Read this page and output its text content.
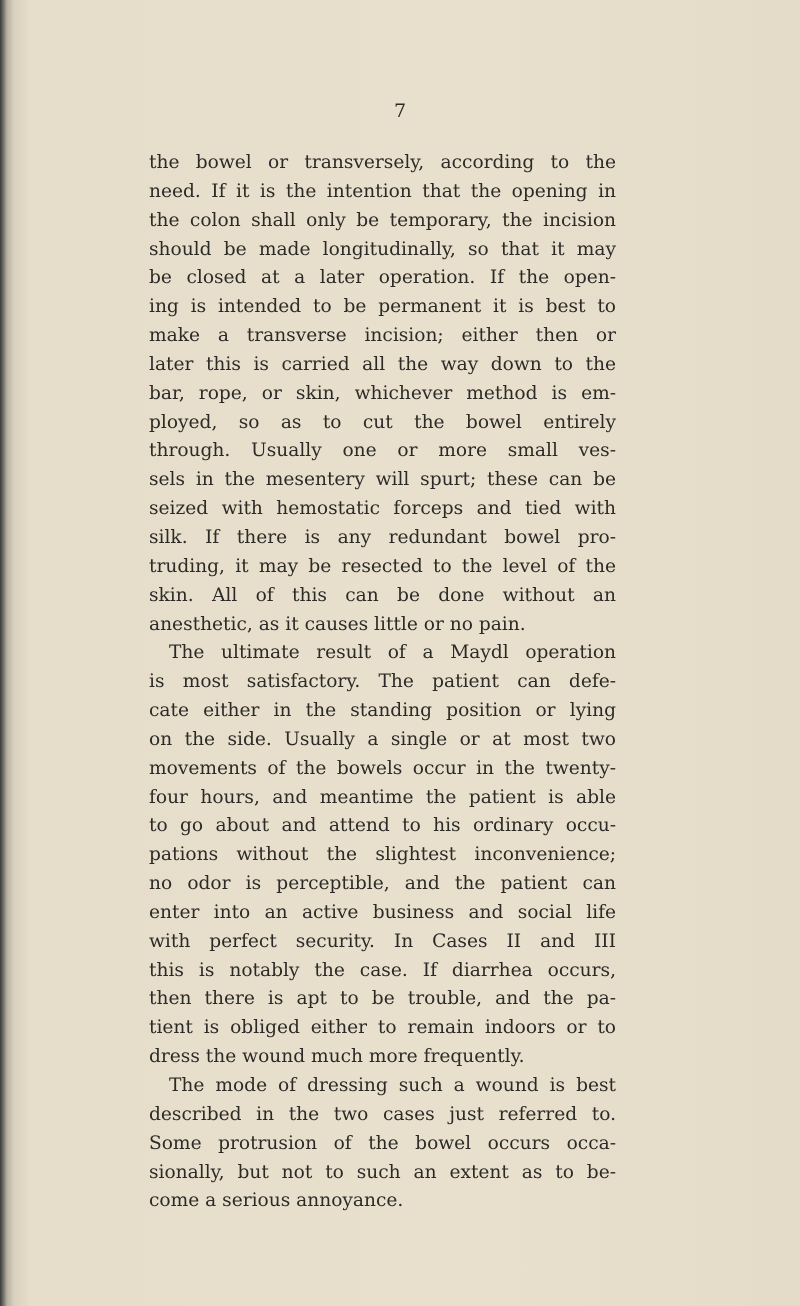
7
the bowel or transversely, according to the
need. If it is the intention that the opening in
the colon shall only be temporary, the incision
should be made longitudinally, so that it may
be closed at a later operation. If the open-
ing is intended to be permanent it is best to
make a transverse incision; either then or
later this is carried all the way down to the
bar, rope, or skin, whichever method is em-
ployed, so as to cut the bowel entirely
through. Usually one or more small ves-
sels in the mesentery will spurt; these can be
seized with hemostatic forceps and tied with
silk. If there is any redundant bowel pro-
truding, it may be resected to the level of the
skin. All of this can be done without an
anesthetic, as it causes little or no pain.
The ultimate result of a Maydl operation
is most satisfactory. The patient can defe-
cate either in the standing position or lying
on the side. Usually a single or at most two
movements of the bowels occur in the twenty-
four hours, and meantime the patient is able
to go about and attend to his ordinary occu-
pations without the slightest inconvenience;
no odor is perceptible, and the patient can
enter into an active business and social life
with perfect security. In Cases II and III
this is notably the case. If diarrhea occurs,
then there is apt to be trouble, and the pa-
tient is obliged either to remain indoors or to
dress the wound much more frequently.
The mode of dressing such a wound is best
described in the two cases just referred to.
Some protrusion of the bowel occurs occa-
sionally, but not to such an extent as to be-
come a serious annoyance.
